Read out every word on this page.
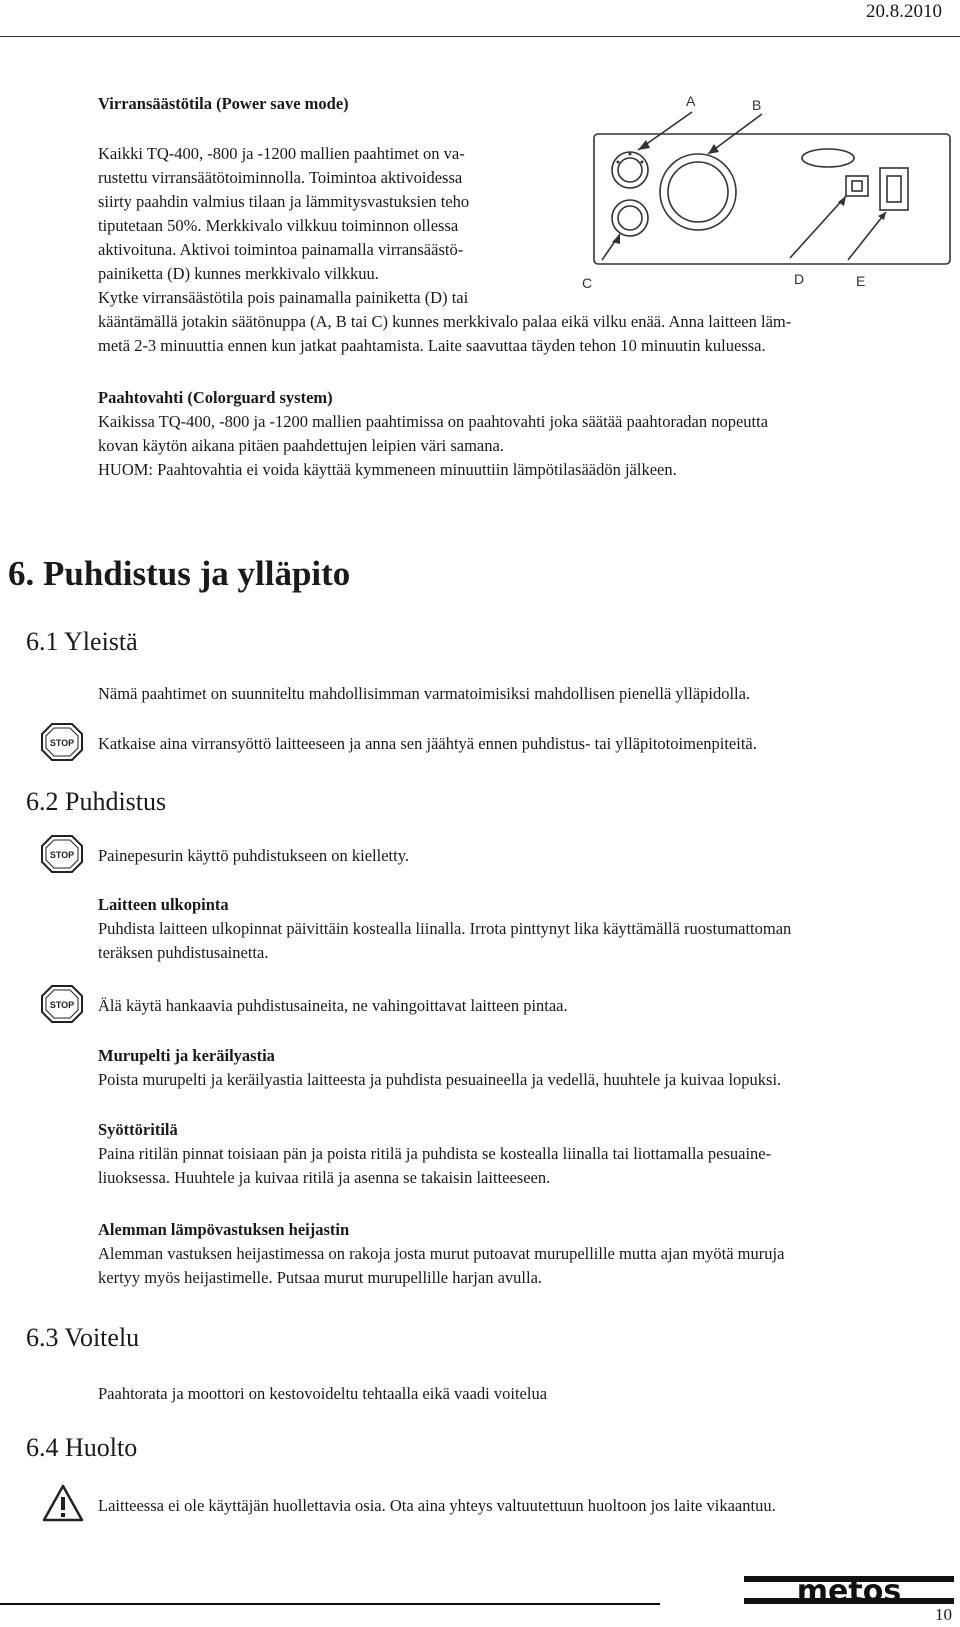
20.8.2010
Virransäästötila (Power save mode)

Kaikki TQ-400, -800 ja -1200 mallien paahtimet on va-

rustettu virransäätötoiminnolla. Toimintoa aktivoidessa

siirty paahdin valmius tilaan ja lämmitysvastuksien teho

tiputetaan 50%. Merkkivalo vilkkuu toiminnon ollessa

aktivoituna. Aktivoi toimintoa painamalla virransäästö-

painiketta (D) kunnes merkkivalo vilkkuu.

Kytke virransäästötila pois painamalla painiketta (D) tai

kääntämällä jotakin säätönuppa (A, B tai C) kunnes merkkivalo palaa eikä vilku enää. Anna laitteen läm-

metä 2-3 minuuttia ennen kun jatkat paahtamista. Laite saavuttaa täyden tehon 10 minuutin kuluessa.

A	B
C	D	E
Paahtovahti (Colorguard system)

Kaikissa TQ-400, -800 ja -1200 mallien paahtimissa on paahtovahti joka säätää paahtoradan nopeutta

kovan käytön aikana pitäen paahdettujen leipien väri samana.

HUOM: Paahtovahtia ei voida käyttää kymmeneen minuuttiin lämpötilasäädön jälkeen.

6. Puhdistus ja ylläpito
6.1 Yleistä
Nämä paahtimet on suunniteltu mahdollisimman varmatoimisiksi mahdollisen pienellä ylläpidolla.
STOP Katkaise aina virransyöttö laitteeseen ja anna sen jäähtyä ennen puhdistus- tai ylläpitotoimenpiteitä.
6.2 Puhdistus
STOP Painepesurin käyttö puhdistukseen on kielletty.
Laitteen ulkopinta

Puhdista laitteen ulkopinnat päivittäin kostealla liinalla. Irrota pinttynyt lika käyttämällä ruostumattoman

teräksen puhdistusainetta.

STOP Älä käytä hankaavia puhdistusaineita, ne vahingoittavat laitteen pintaa.
Murupelti ja keräilyastia
Poista murupelti ja keräilyastia laitteesta ja puhdista pesuaineella ja vedellä, huuhtele ja kuivaa lopuksi.
Syöttöritilä

Paina ritilän pinnat toisiaan pän ja poista ritilä ja puhdista se kostealla liinalla tai liottamalla pesuaine-

liuoksessa. Huuhtele ja kuivaa ritilä ja asenna se takaisin laitteeseen.

Alemman lämpövastuksen heijastin

Alemman vastuksen heijastimessa on rakoja josta murut putoavat murupellille mutta ajan myötä muruja

kertyy myös heijastimelle. Putsaa murut murupellille harjan avulla.

6.3 Voitelu
Paahtorata ja moottori on kestovoideltu tehtaalla eikä vaadi voitelua
6.4 Huolto
Laitteessa ei ole käyttäjän huollettavia osia. Ota aina yhteys valtuutettuun huoltoon jos laite vikaantuu.
metos
10
